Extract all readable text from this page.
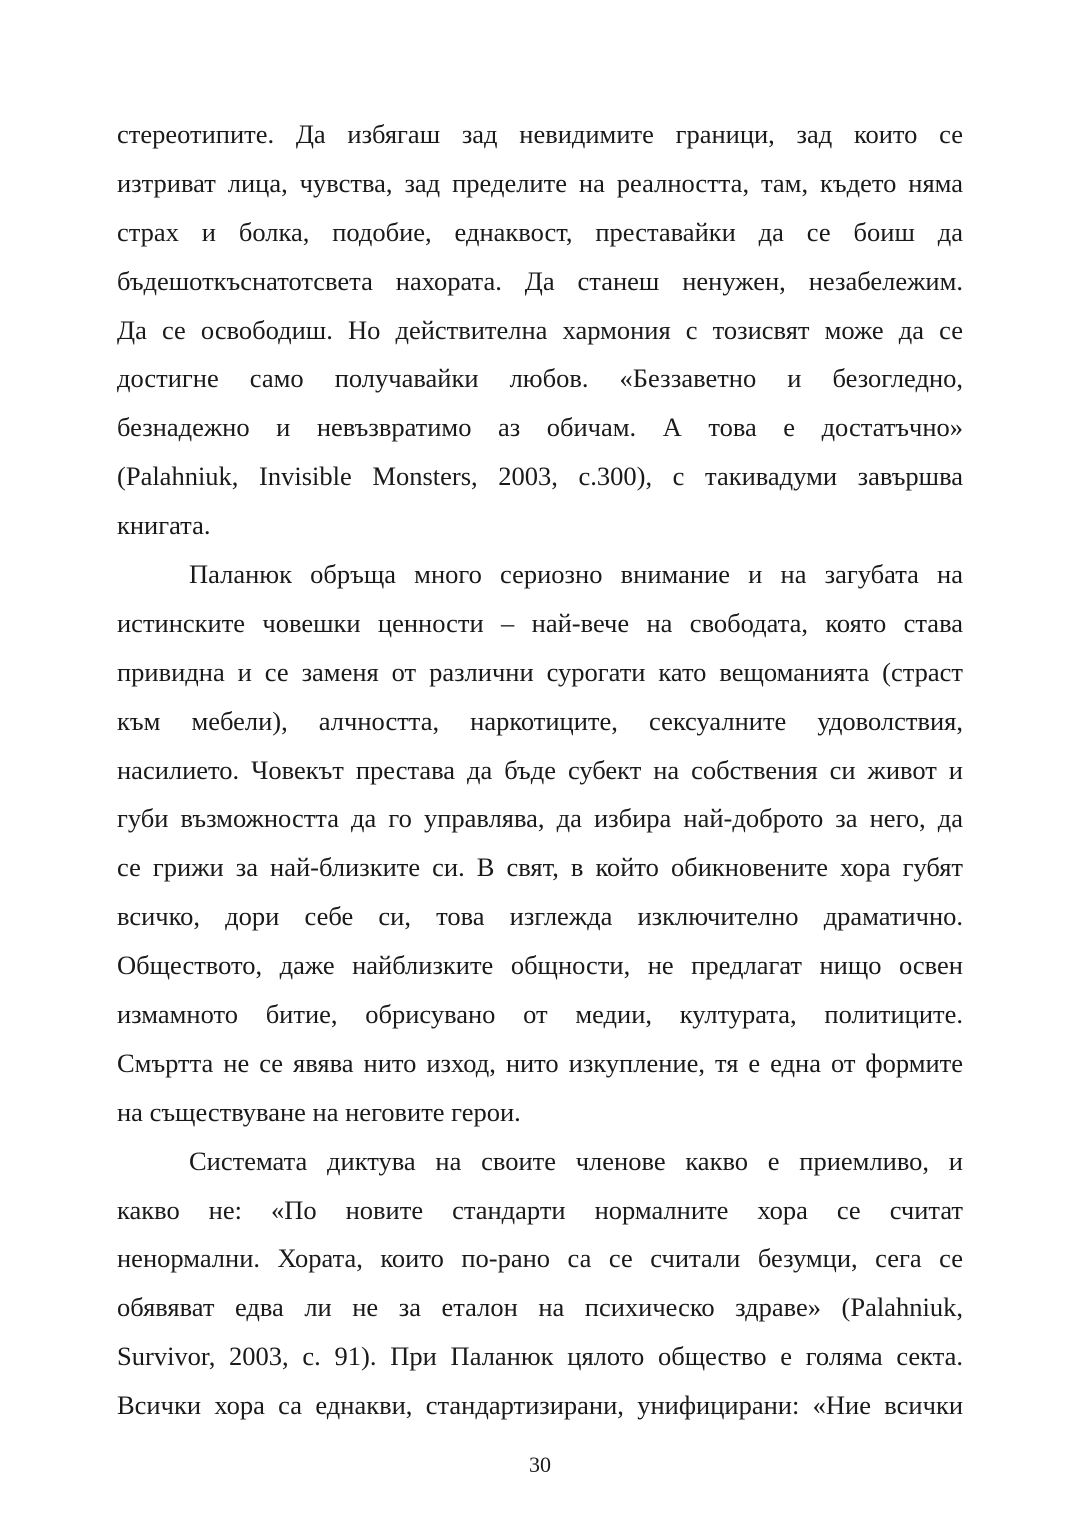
стереотипите. Да избягаш зад невидимите граници, зад които се
изтриват лица, чувства, зад пределите на реалността, там, където няма
страх и болка, подобие, еднаквост, преставайки да се боиш да
бъдешоткъснатотсвета нахората. Да станеш ненужен, незабележим.
Да се освободиш. Но действителна хармония с тозисвят може да се
достигне само получавайки любов. «Беззаветно и безогледно,
безнадежно и невъзвратимо аз обичам. А това е достатъчно»
(Palahniuk, Invisible Monsters, 2003, с.300), с такивадуми завършва
книгата.
Паланюк обръща много сериозно внимание и на загубата на
истинските човешки ценности – най-вече на свободата, която става
привидна и се заменя от различни сурогати като вещоманията (страст
към мебели), алчността, наркотиците, сексуалните удоволствия,
насилието. Човекът престава да бъде субект на собствения си живот и
губи възможността да го управлява, да избира най-доброто за него, да
се грижи за най-близките си. В свят, в който обикновените хора губят
всичко, дори себе си, това изглежда изключително драматично.
Обществото, даже найблизките общности, не предлагат нищо освен
измамното битие, обрисувано от медии, културата, политиците.
Смъртта не се явява нито изход, нито изкупление, тя е една от формите
на съществуване на неговите герои.
Системата диктува на своите членове какво е приемливо, и
какво не: «По новите стандарти нормалните хора се считат
ненормални. Хората, които по-рано са се считали безумци, сега се
обявяват едва ли не за еталон на психическо здраве» (Palahniuk,
Survivor, 2003, с. 91). При Паланюк цялото общество е голяма секта.
Всички хора са еднакви, стандартизирани, унифицирани: «Ние всички
30
